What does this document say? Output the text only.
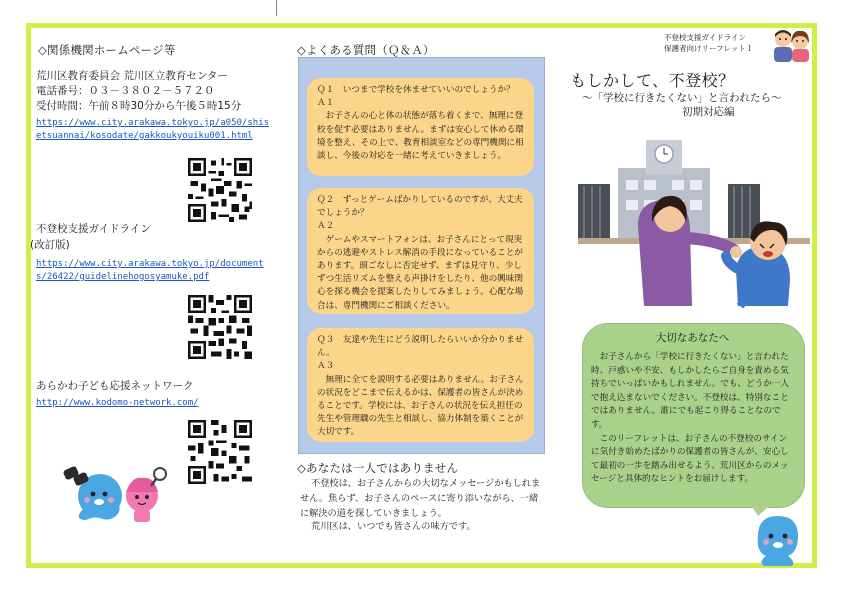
◇関係機関ホームページ等
荒川区教育委員会 荒川区立教育センター
電話番号：０３－３８０２－５７２０
受付時間：午前８時30分から午後５時15分
https://www.city.arakawa.tokyo.jp/a050/shisetsuannai/kosodate/gakkoukyouiku001.html
不登校支援ガイドライン
(改訂版)
https://www.city.arakawa.tokyo.jp/documents/26422/guidelinehogosyamuke.pdf
あらかわ子ども応援ネットワーク
http://www.kodomo-network.com/
◇よくある質問（Ｑ＆Ａ）

Ｑ１　いつまで学校を休ませていいのでしょうか？

Ａ１

お子さんの心と体の状態が落ち着くまで、無理に登校を促す必要はありません。まずは安心して休める環境を整え、その上で、教育相談室などの専門機関に相談し、今後の対応を一緒に考えていきましょう。

Ｑ２　ずっとゲームばかりしているのですが、大丈夫でしょうか？

Ａ２

ゲームやスマートフォンは、お子さんにとって現実からの逃避やストレス解消の手段になっていることがあります。頭ごなしに否定せず、まずは見守り、少しずつ生活リズムを整える声掛けをしたり、他の興味関心を探る機会を提案したりしてみましょう。心配な場合は、専門機関にご相談ください。

Ｑ３　友達や先生にどう説明したらいいか分かりません。

Ａ３

無理に全てを説明する必要はありません。お子さんの状況をどこまで伝えるかは、保護者の皆さんが決めることです。学校には、お子さんの状況を伝え担任の先生や管理職の先生と相談し、協力体制を築くことが大切です。

◇あなたは一人ではありません
不登校は、お子さんからの大切なメッセージかもしれません。焦らず、お子さんのペースに寄り添いながら、一緒に解決の道を探していきましょう。
荒川区は、いつでも皆さんの味方です。
不登校支援ガイドライン
保護者向けリーフレット１
もしかして、不登校？
～「学校に行きたくない」と言われたら～
初期対応編
大切なあなたへ

お子さんから「学校に行きたくない」と言われた時、戸惑いや不安、もしかしたらご自身を責める気持ちでいっぱいかもしれません。でも、どうか一人で抱え込まないでください。不登校は、特別なことではありません。誰にでも起こり得ることなのです。

このリーフレットは、お子さんの不登校のサインに気付き始めたばかりの保護者の皆さんが、安心して最初の一歩を踏み出せるよう、荒川区からのメッセージと具体的なヒントをお届けします。
